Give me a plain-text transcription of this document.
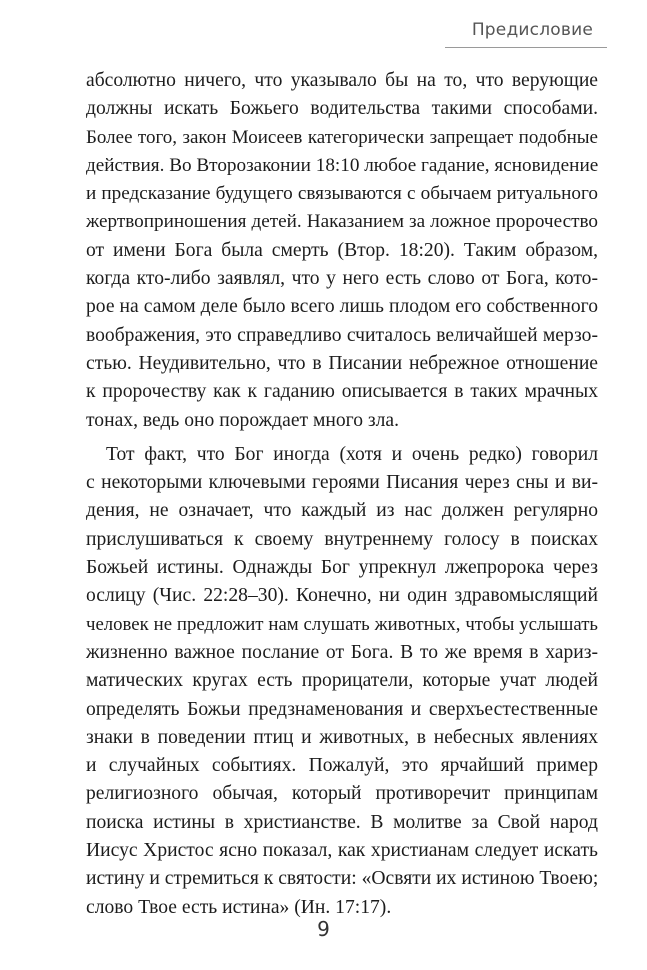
Предисловие
абсолютно ничего, что указывало бы на то, что верующие
должны искать Божьего водительства такими способами.
Более того, закон Моисеев категорически запрещает подобные
действия. Во Второзаконии 18:10 любое гадание, ясновидение
и предсказание будущего связываются с обычаем ритуального
жертвоприношения детей. Наказанием за ложное пророчество
от имени Бога была смерть (Втор. 18:20). Таким образом,
когда кто-либо заявлял, что у него есть слово от Бога, кото-
рое на самом деле было всего лишь плодом его собственного
воображения, это справедливо считалось величайшей мерзо-
стью. Неудивительно, что в Писании небрежное отношение
к пророчеству как к гаданию описывается в таких мрачных
тонах, ведь оно порождает много зла.
Тот факт, что Бог иногда (хотя и очень редко) говорил
с некоторыми ключевыми героями Писания через сны и ви-
дения, не означает, что каждый из нас должен регулярно
прислушиваться к своему внутреннему голосу в поисках
Божьей истины. Однажды Бог упрекнул лжепророка через
ослицу (Чис. 22:28–30). Конечно, ни один здравомыслящий
человек не предложит нам слушать животных, чтобы услышать
жизненно важное послание от Бога. В то же время в хариз-
матических кругах есть прорицатели, которые учат людей
определять Божьи предзнаменования и сверхъестественные
знаки в поведении птиц и животных, в небесных явлениях
и случайных событиях. Пожалуй, это ярчайший пример
религиозного обычая, который противоречит принципам
поиска истины в христианстве. В молитве за Свой народ
Иисус Христос ясно показал, как христианам следует искать
истину и стремиться к святости: «Освяти их истиною Твоею;
слово Твое есть истина» (Ин. 17:17).
9
